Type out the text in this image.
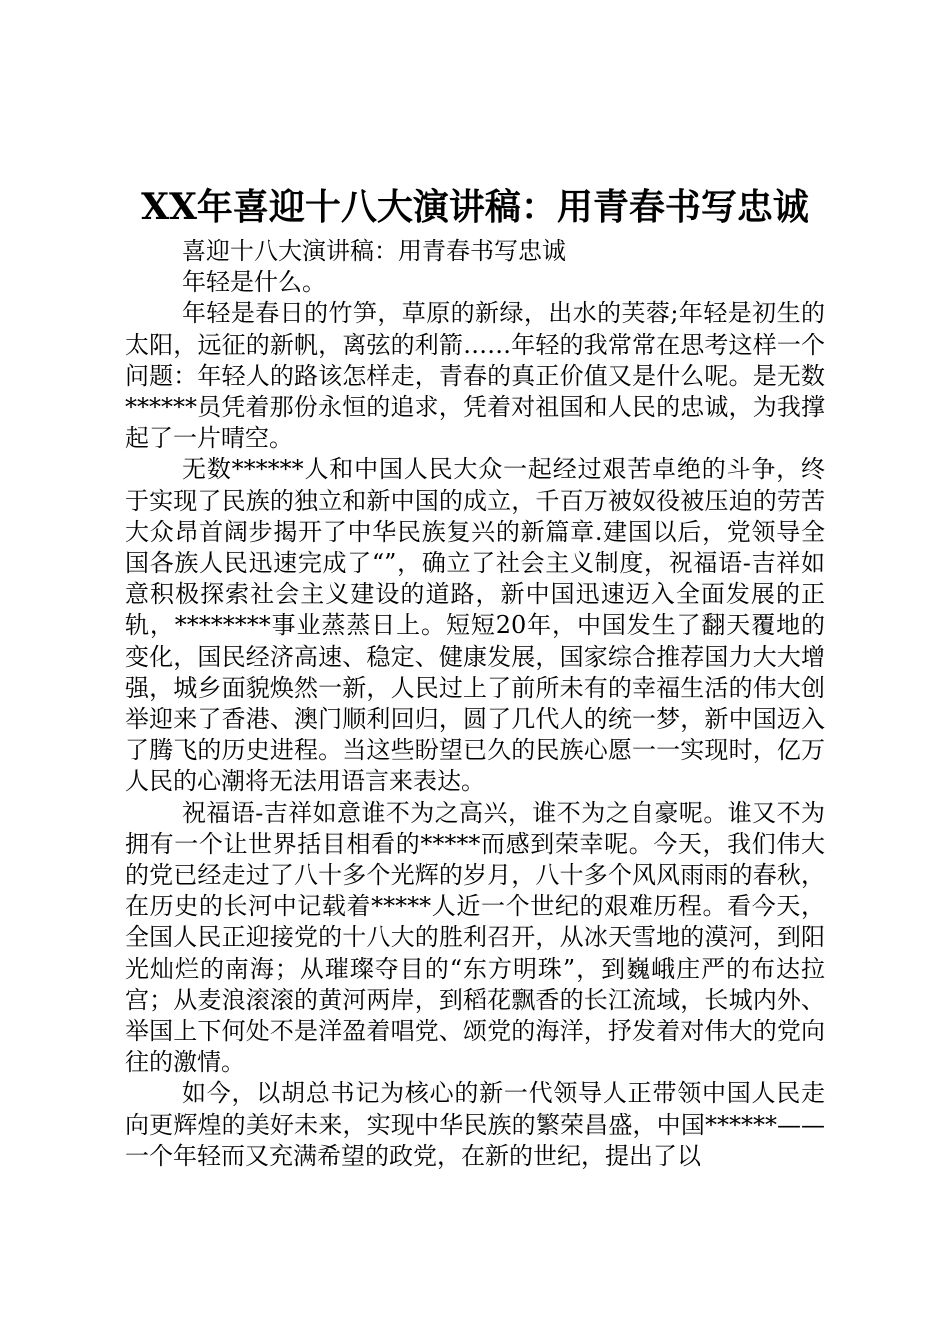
XX年喜迎十八大演讲稿：用青春书写忠诚

喜迎十八大演讲稿：用青春书写忠诚

年轻是什么。

年轻是春日的竹笋，草原的新绿，出水的芙蓉;年轻是初生的太阳，远征的新帆，离弦的利箭……年轻的我常常在思考这样一个问题：年轻人的路该怎样走，青春的真正价值又是什么呢。是无数******员凭着那份永恒的追求，凭着对祖国和人民的忠诚，为我撑起了一片晴空。

无数******人和中国人民大众一起经过艰苦卓绝的斗争，终于实现了民族的独立和新中国的成立，千百万被奴役被压迫的劳苦大众昂首阔步揭开了中华民族复兴的新篇章.建国以后，党领导全国各族人民迅速完成了“”，确立了社会主义制度，祝福语-吉祥如意积极探索社会主义建设的道路，新中国迅速迈入全面发展的正轨，********事业蒸蒸日上。短短20年，中国发生了翻天覆地的变化，国民经济高速、稳定、健康发展，国家综合推荐国力大大增强，城乡面貌焕然一新，人民过上了前所未有的幸福生活的伟大创举迎来了香港、澳门顺利回归，圆了几代人的统一梦，新中国迈入了腾飞的历史进程。当这些盼望已久的民族心愿一一实现时，亿万人民的心潮将无法用语言来表达。

祝福语-吉祥如意谁不为之高兴，谁不为之自豪呢。谁又不为拥有一个让世界括目相看的*****而感到荣幸呢。今天，我们伟大的党已经走过了八十多个光辉的岁月，八十多个风风雨雨的春秋，在历史的长河中记载着*****人近一个世纪的艰难历程。看今天，全国人民正迎接党的十八大的胜利召开，从冰天雪地的漠河，到阳光灿烂的南海；从璀璨夺目的“东方明珠”，到巍峨庄严的布达拉宫；从麦浪滚滚的黄河两岸，到稻花飘香的长江流域，长城内外、举国上下何处不是洋盈着唱党、颂党的海洋，抒发着对伟大的党向往的激情。

如今，以胡总书记为核心的新一代领导人正带领中国人民走向更辉煌的美好未来，实现中华民族的繁荣昌盛，中国******——一个年轻而又充满希望的政党，在新的世纪，提出了以
